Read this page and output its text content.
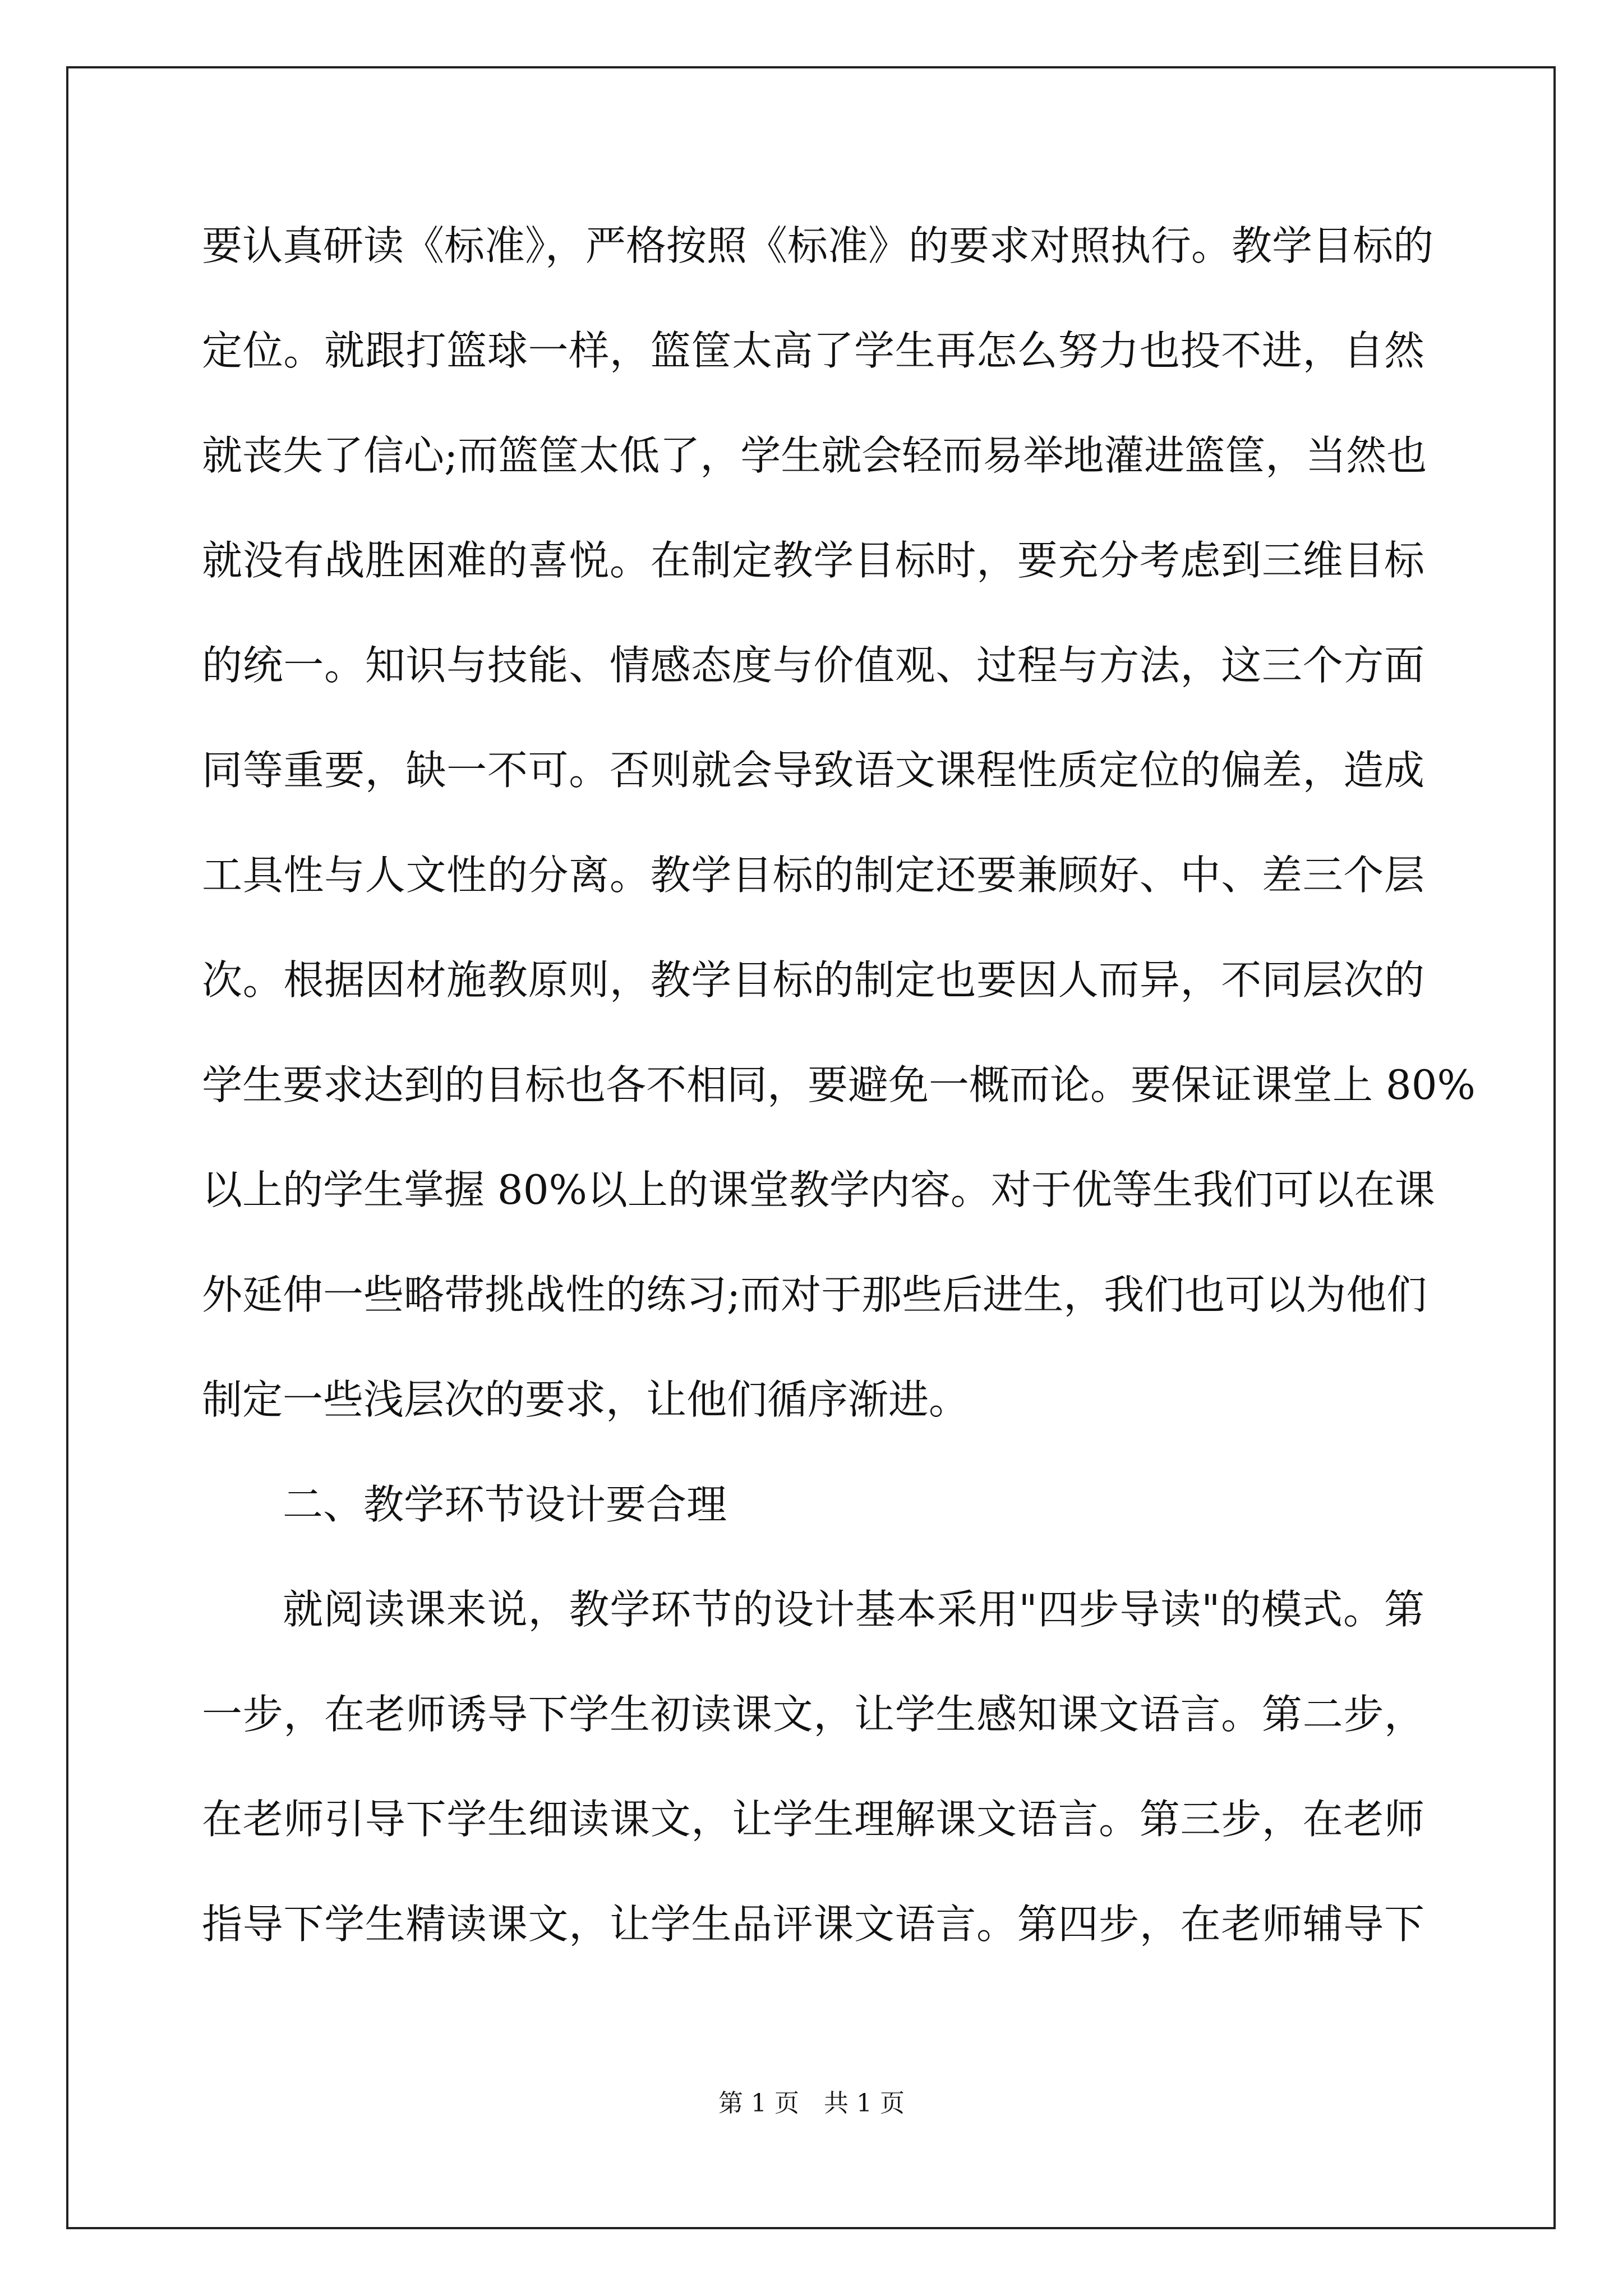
要认真研读《标准》，严格按照《标准》的要求对照执行。教学目标的
定位。就跟打篮球一样，篮筐太高了学生再怎么努力也投不进，自然
就丧失了信心;而篮筐太低了，学生就会轻而易举地灌进篮筐，当然也
就没有战胜困难的喜悦。在制定教学目标时，要充分考虑到三维目标
的统一。知识与技能、情感态度与价值观、过程与方法，这三个方面
同等重要，缺一不可。否则就会导致语文课程性质定位的偏差，造成
工具性与人文性的分离。教学目标的制定还要兼顾好、中、差三个层
次。根据因材施教原则，教学目标的制定也要因人而异，不同层次的
学生要求达到的目标也各不相同，要避免一概而论。要保证课堂上 80%
以上的学生掌握 80%以上的课堂教学内容。对于优等生我们可以在课
外延伸一些略带挑战性的练习;而对于那些后进生，我们也可以为他们
制定一些浅层次的要求，让他们循序渐进。
二、教学环节设计要合理
就阅读课来说，教学环节的设计基本采用"四步导读"的模式。第
一步，在老师诱导下学生初读课文，让学生感知课文语言。第二步，
在老师引导下学生细读课文，让学生理解课文语言。第三步，在老师
指导下学生精读课文，让学生品评课文语言。第四步，在老师辅导下
第 1 页　共 1 页
